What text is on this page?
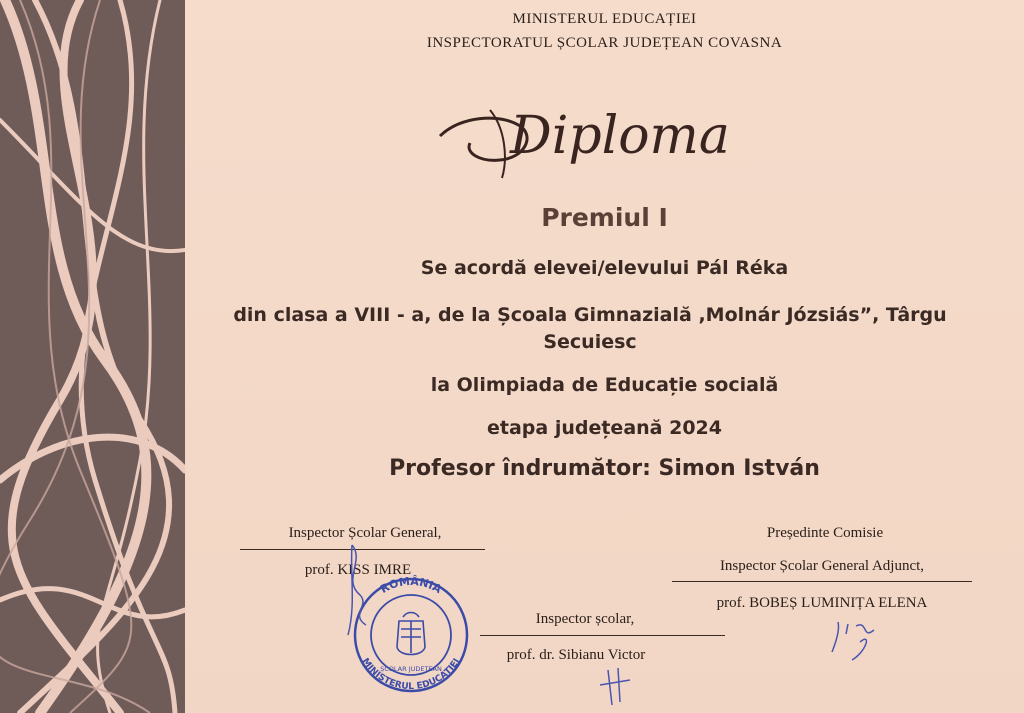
MINISTERUL EDUCAȚIEI
INSPECTORATUL ȘCOLAR JUDEȚEAN COVASNA
Diploma
Premiul I
Se acordă elevei/elevului Pál Réka
din clasa a VIII - a, de la Școala Gimnazială ,Molnár Józsiás”, Târgu Secuiesc
la Olimpiada de Educație socială
etapa județeană 2024
Profesor îndrumător: Simon István
Inspector Școlar General,
prof. KISS IMRE
Președinte Comisie
Inspector Școlar General Adjunct,
prof. BOBEȘ LUMINIȚA ELENA
Inspector școlar,
prof. dr. Sibianu Victor
ROMÂNIA
MINISTERUL EDUCAȚIEI
ȘCOLAR JUDEȚEAN
